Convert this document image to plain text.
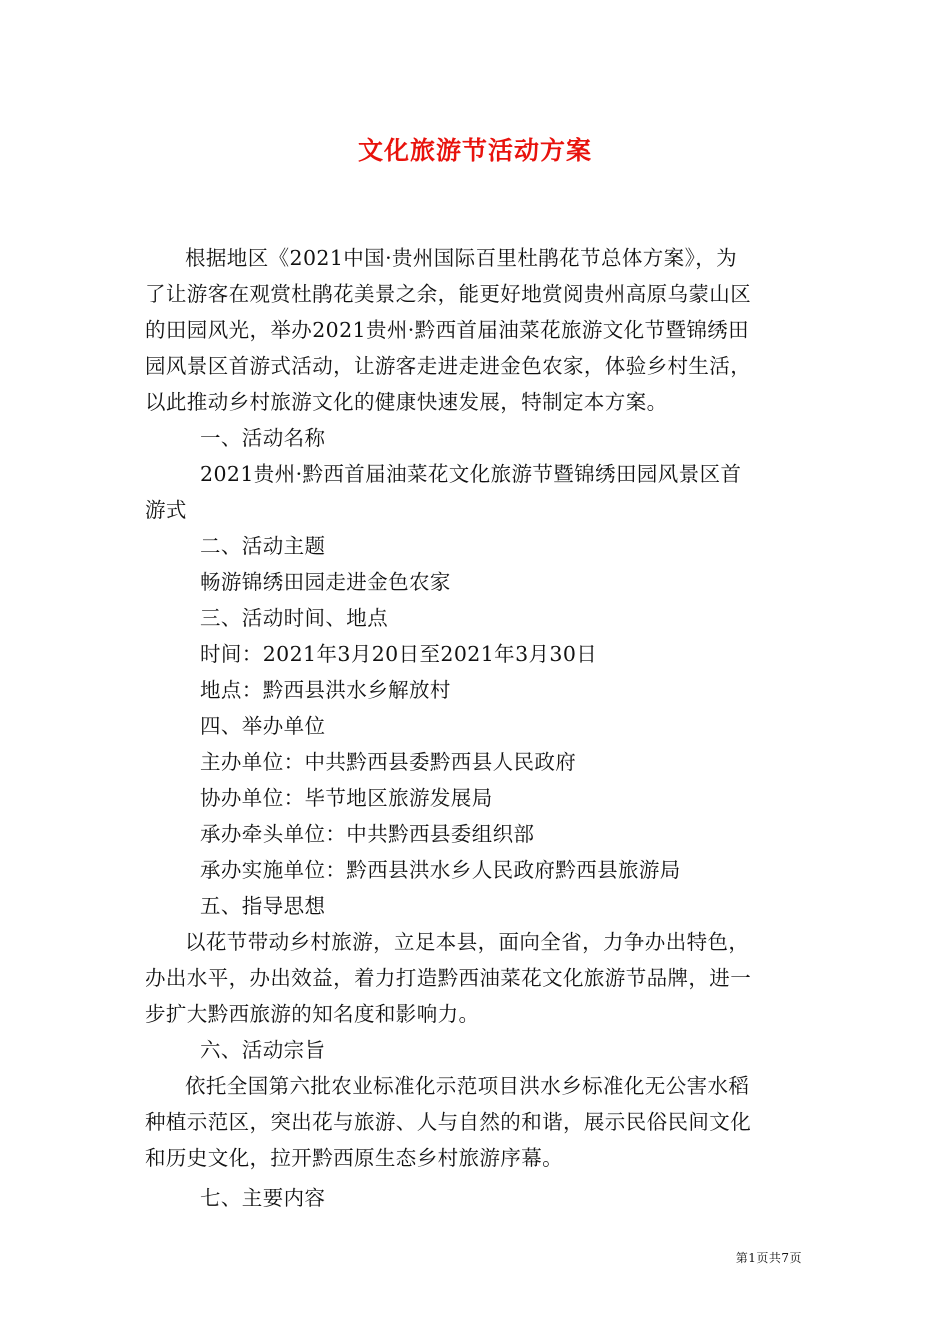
文化旅游节活动方案
根据地区《2021中国·贵州国际百里杜鹃花节总体方案》，为
了让游客在观赏杜鹃花美景之余，能更好地赏阅贵州高原乌蒙山区
的田园风光，举办2021贵州·黔西首届油菜花旅游文化节暨锦绣田
园风景区首游式活动，让游客走进走进金色农家，体验乡村生活，
以此推动乡村旅游文化的健康快速发展，特制定本方案。
一、活动名称
2021贵州·黔西首届油菜花文化旅游节暨锦绣田园风景区首
游式
二、活动主题
畅游锦绣田园走进金色农家
三、活动时间、地点
时间：2021年3月20日至2021年3月30日
地点：黔西县洪水乡解放村
四、举办单位
主办单位：中共黔西县委黔西县人民政府
协办单位：毕节地区旅游发展局
承办牵头单位：中共黔西县委组织部
承办实施单位：黔西县洪水乡人民政府黔西县旅游局
五、指导思想
以花节带动乡村旅游，立足本县，面向全省，力争办出特色，
办出水平，办出效益，着力打造黔西油菜花文化旅游节品牌，进一
步扩大黔西旅游的知名度和影响力。
六、活动宗旨
依托全国第六批农业标准化示范项目洪水乡标准化无公害水稻
种植示范区，突出花与旅游、人与自然的和谐，展示民俗民间文化
和历史文化，拉开黔西原生态乡村旅游序幕。
七、主要内容
第1页共7页
